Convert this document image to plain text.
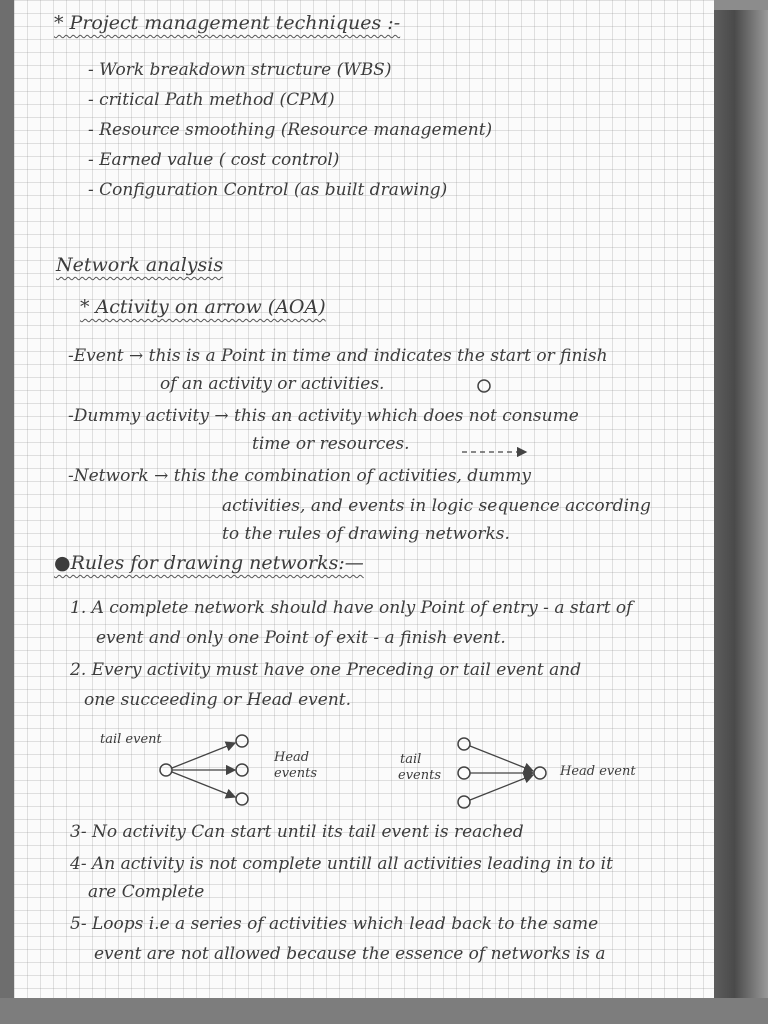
* Project management techniques :-
- Work breakdown structure (WBS)
- critical Path method (CPM)
- Resource smoothing (Resource management)
- Earned value ( cost control)
- Configuration Control (as built drawing)
Network analysis
* Activity on arrow (AOA)
-Event → this is a Point in time and indicates the start or finish
of an activity or activities.
-Dummy activity → this an activity which does not consume
time or resources.
-Network → this the combination of activities, dummy
activities, and events in logic sequence according
to the rules of drawing networks.
●Rules for drawing networks:—
1. A complete network should have only Point of entry - a start of
event and only one Point of exit - a finish event.
2. Every activity must have one Preceding or tail event and
one succeeding or Head event.
tail event
Head
events
tail
events	Head event
3- No activity Can start until its tail event is reached
4- An activity is not complete untill all activities leading in to it
are Complete
5- Loops i.e a series of activities which lead back to the same
event are not allowed because the essence of networks is a
